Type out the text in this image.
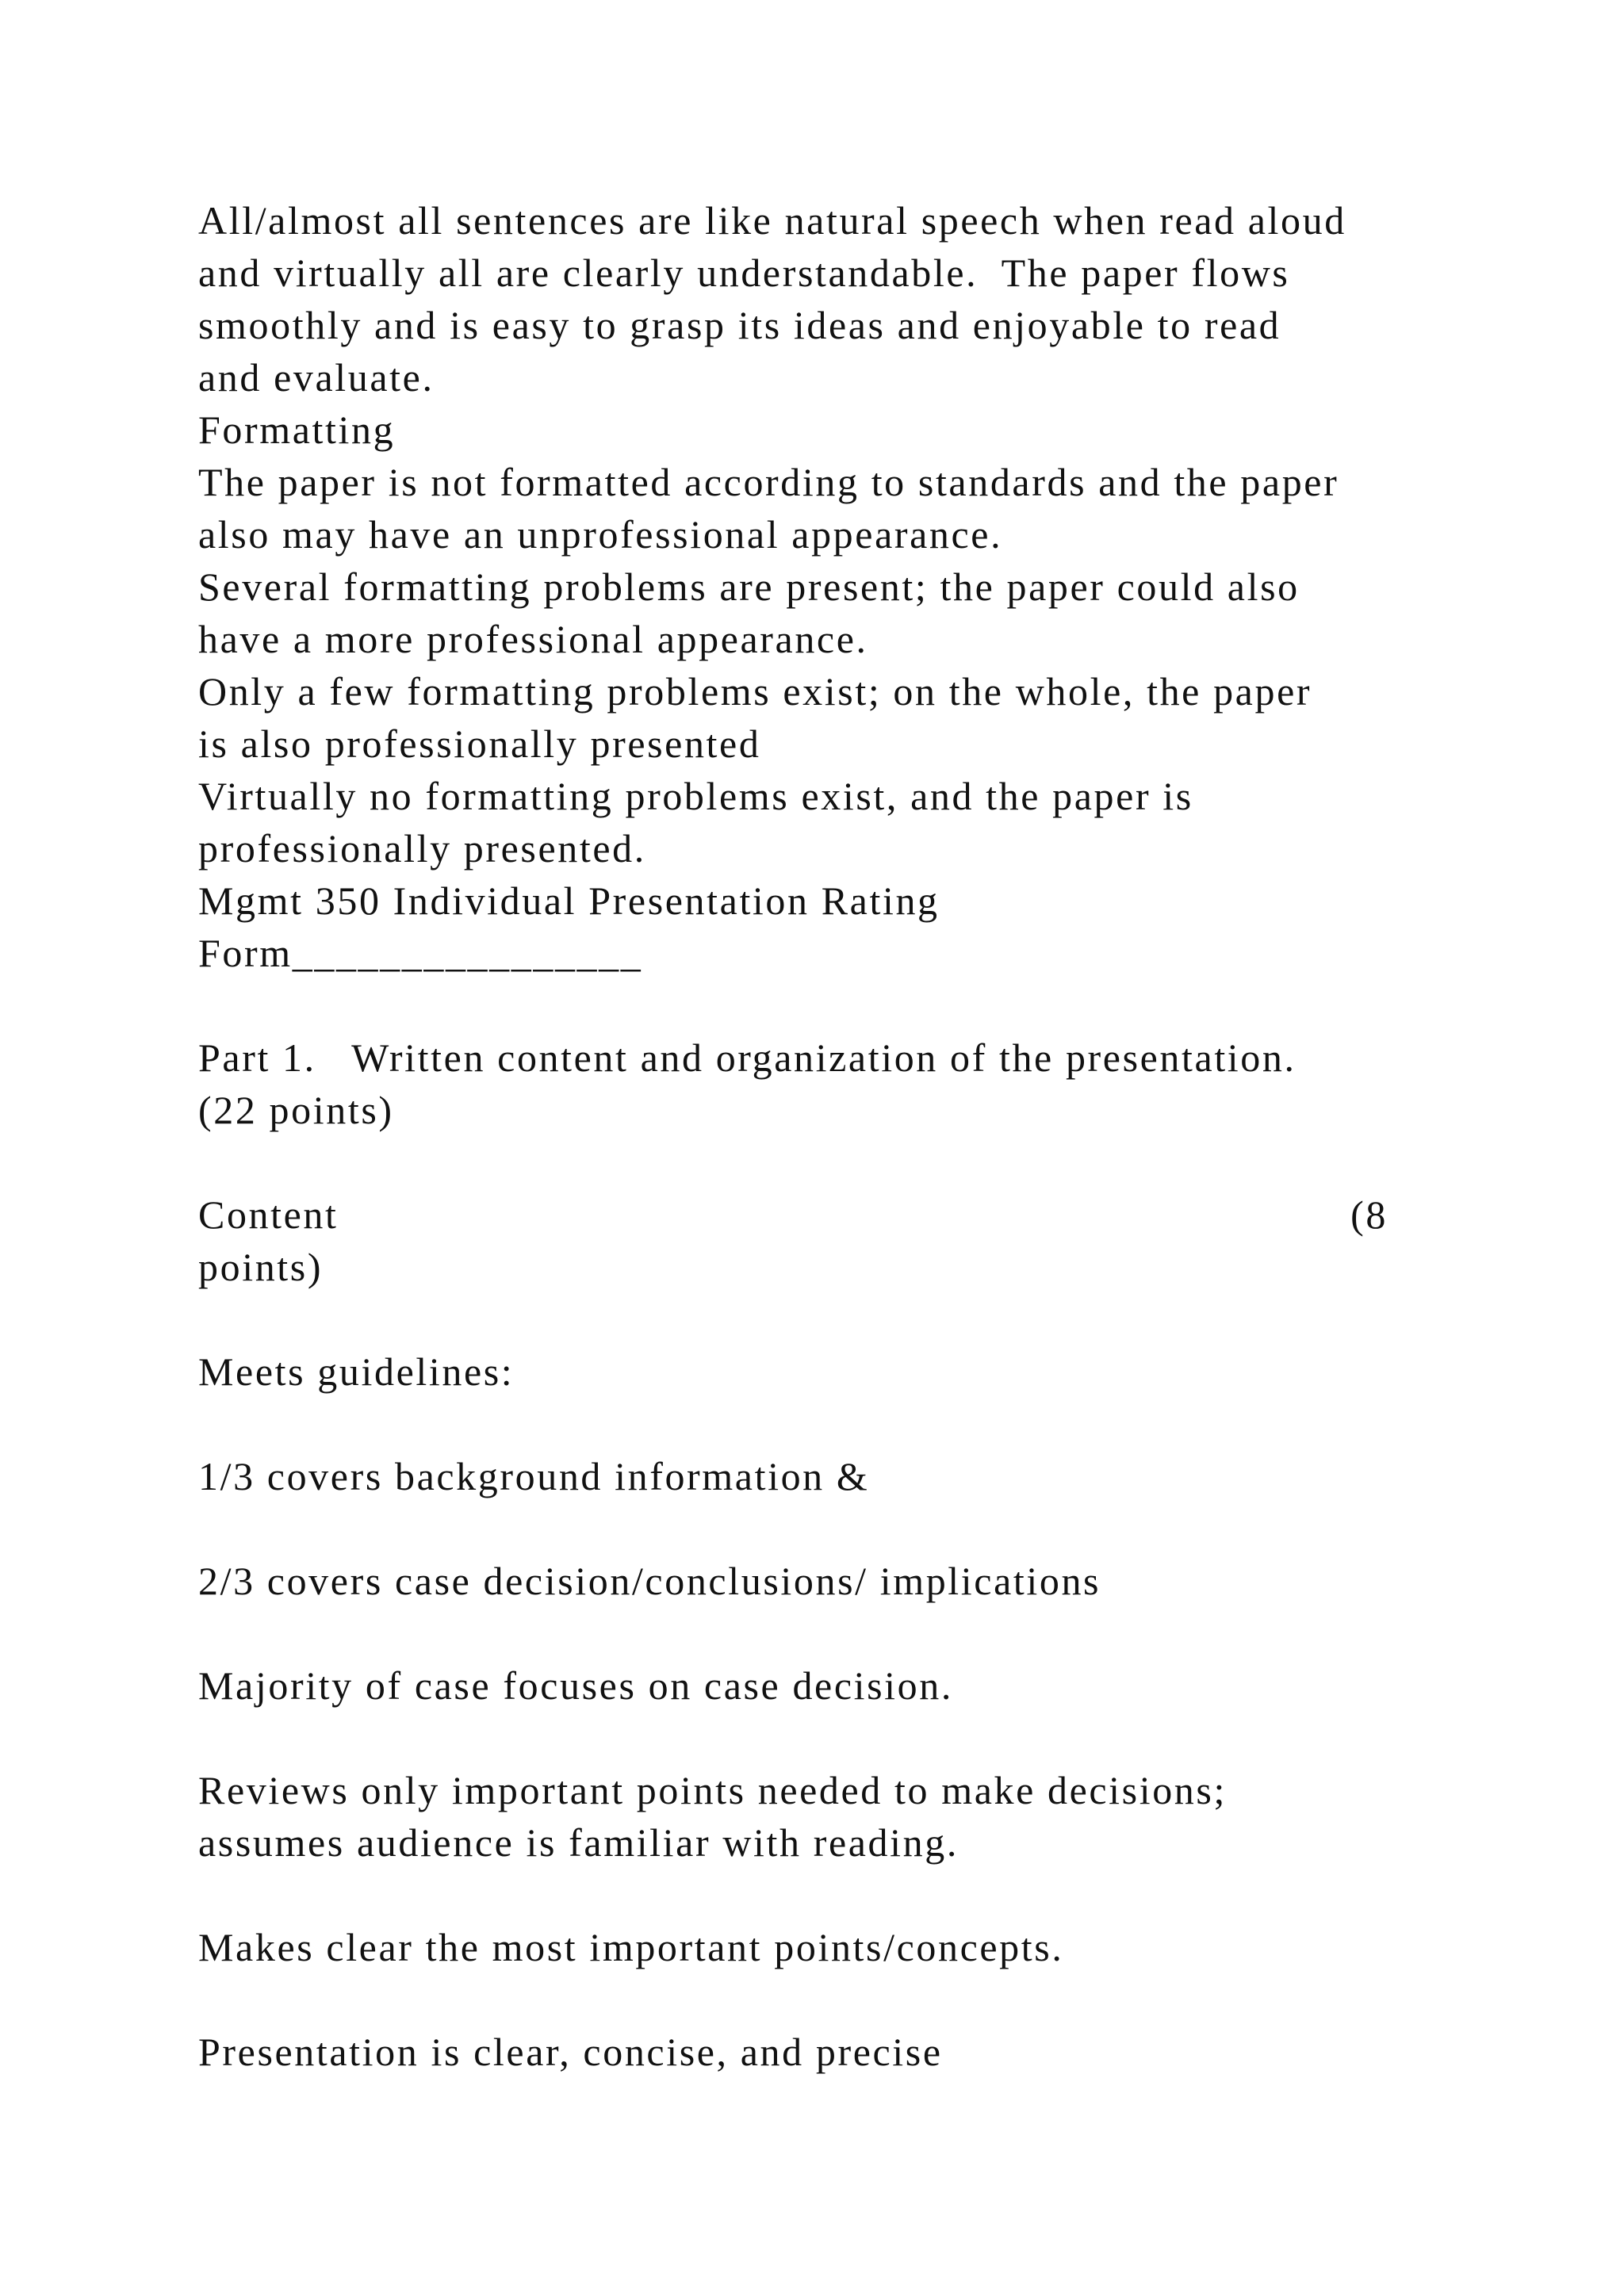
All/almost all sentences are like natural speech when read aloud
and virtually all are clearly understandable.  The paper flows
smoothly and is easy to grasp its ideas and enjoyable to read
and evaluate.
Formatting
The paper is not formatted according to standards and the paper
also may have an unprofessional appearance.
Several formatting problems are present; the paper could also
have a more professional appearance.
Only a few formatting problems exist; on the whole, the paper
is also professionally presented
Virtually no formatting problems exist, and the paper is
professionally presented.
Mgmt 350 Individual Presentation Rating
Form________________
Part 1.   Written content and organization of the presentation.
(22 points)
Content	(8
points)
Meets guidelines:
1/3 covers background information &
2/3 covers case decision/conclusions/ implications
Majority of case focuses on case decision.
Reviews only important points needed to make decisions;
assumes audience is familiar with reading.
Makes clear the most important points/concepts.
Presentation is clear, concise, and precise
